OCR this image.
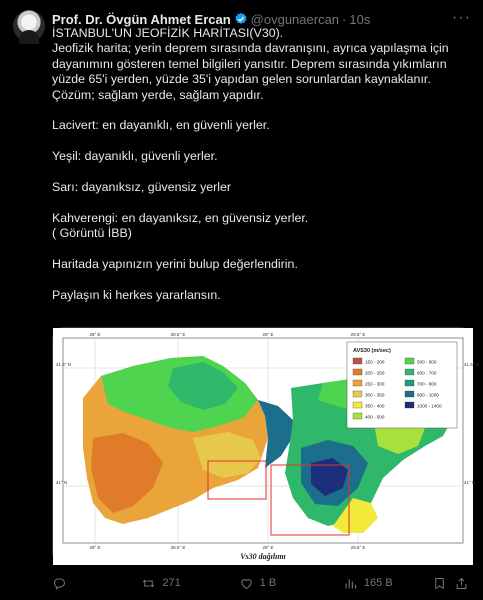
Prof. Dr. Övgün Ahmet Ercan @ovgunaercan · 10s	···

İSTANBUL'UN JEOFİZİK HARİTASI(V30).

Jeofizik harita; yerin deprem sırasında davranışını, ayrıca yapılaşma için

dayanımını gösteren temel bilgileri yansıtır. Deprem sırasında yıkımların

yüzde 65'i yerden, yüzde 35'i yapıdan gelen sorunlardan kaynaklanır.

Çözüm; sağlam yerde, sağlam yapıdır.

Lacivert: en dayanıklı, en güvenli yerler.

Yeşil: dayanıklı, güvenli yerler.

Sarı: dayanıksız, güvensiz yerler

Kahverengi: en dayanıksız, en güvensiz yerler.

( Görüntü İBB)

Haritada yapınızın yerini bulup değerlendirin.

Paylaşın ki herkes yararlansın.

AVS30 (m/sec)
150 - 200	500 - 600
200 - 250	600 - 700
250 - 300	700 - 800
300 - 350	800 - 1000
350 - 400	1000 - 1400
400 - 500
28° E	28.5° E	29° E	29.5° E
28° E	28.5° E	29° E	29.5° E
41.5° N
41° N
41.5° N
41° N
Vs30 dağılımı
271	1 B	165 B
